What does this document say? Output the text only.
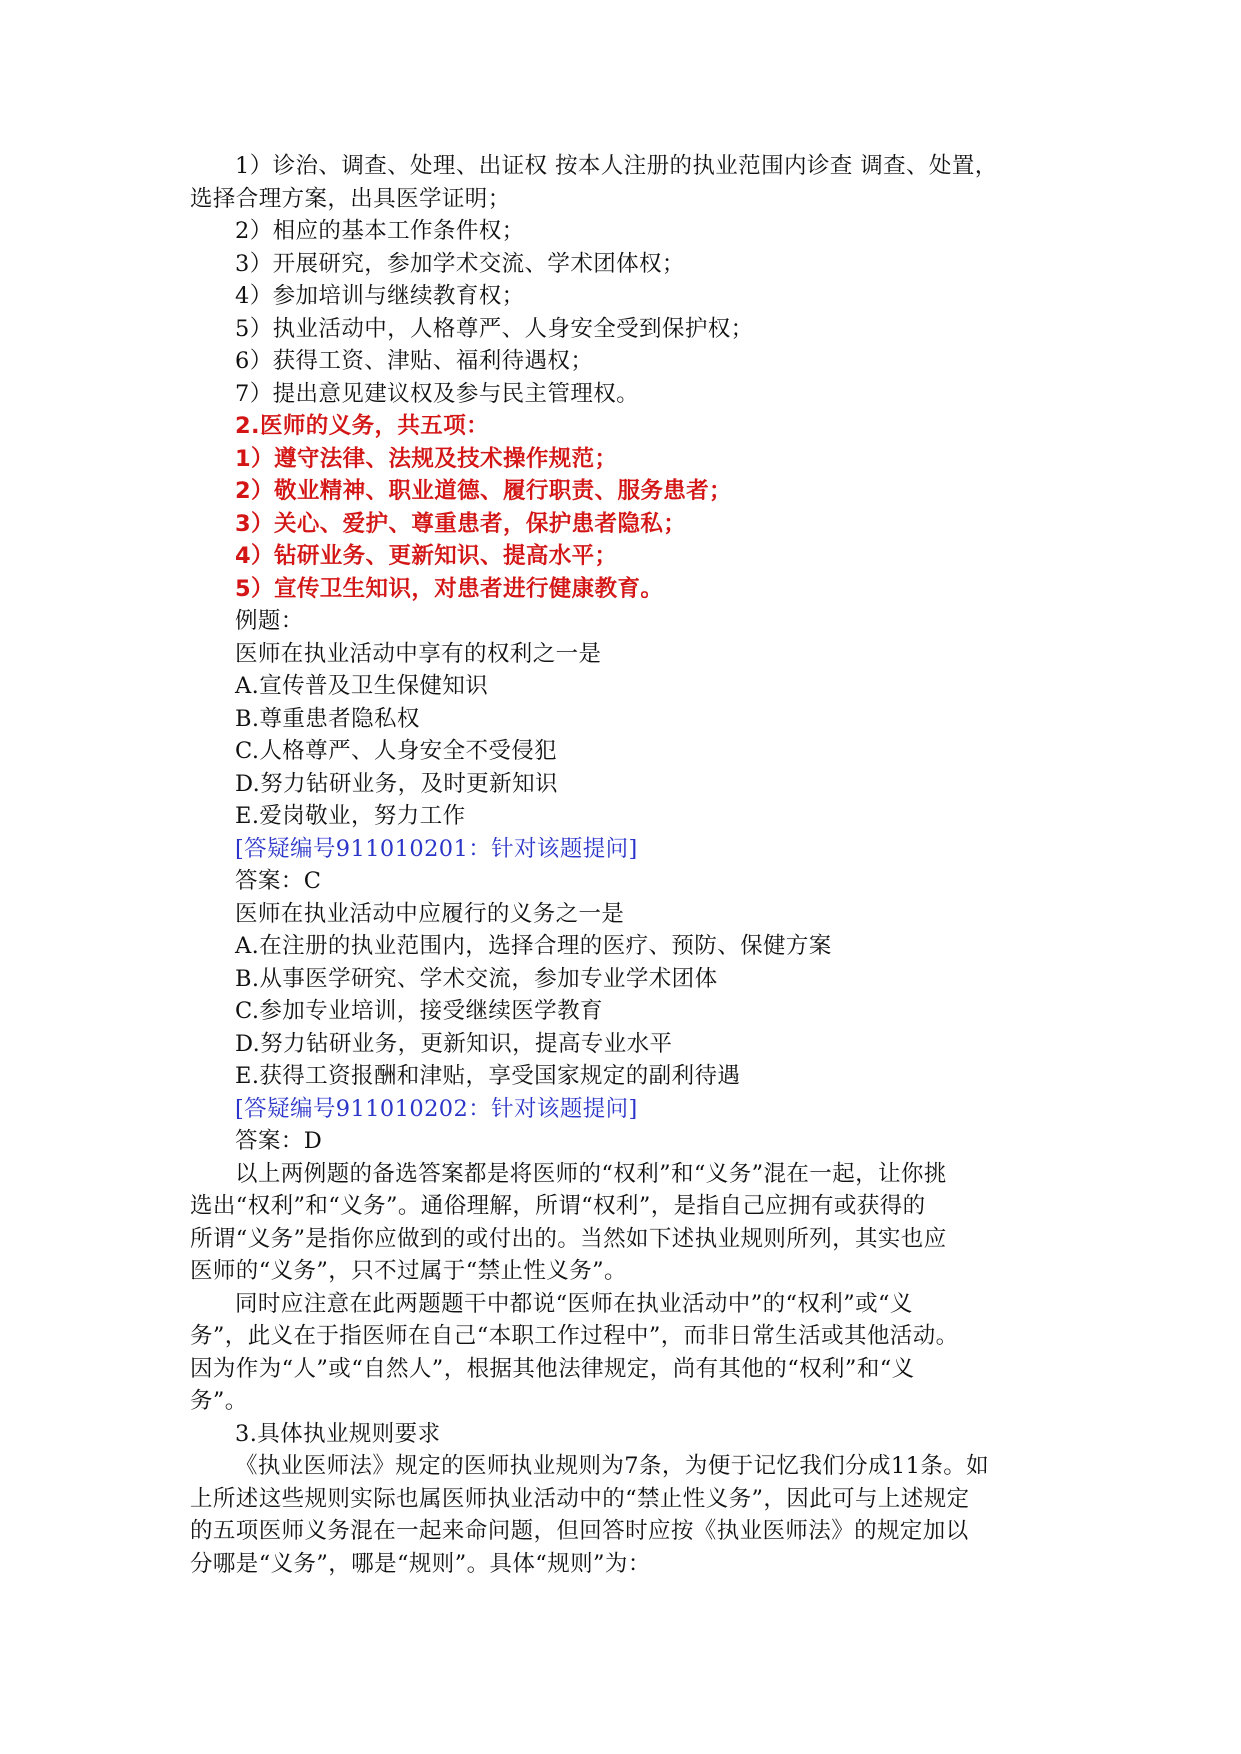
1）诊治、调查、处理、出证权 按本人注册的执业范围内诊查 调查、处置，
选择合理方案，出具医学证明；
2）相应的基本工作条件权；
3）开展研究，参加学术交流、学术团体权；
4）参加培训与继续教育权；
5）执业活动中，人格尊严、人身安全受到保护权；
6）获得工资、津贴、福利待遇权；
7）提出意见建议权及参与民主管理权。
2.医师的义务，共五项：
1）遵守法律、法规及技术操作规范；
2）敬业精神、职业道德、履行职责、服务患者；
3）关心、爱护、尊重患者，保护患者隐私；
4）钻研业务、更新知识、提高水平；
5）宣传卫生知识，对患者进行健康教育。
例题：
医师在执业活动中享有的权利之一是
A.宣传普及卫生保健知识
B.尊重患者隐私权
C.人格尊严、人身安全不受侵犯
D.努力钻研业务，及时更新知识
E.爱岗敬业，努力工作
[答疑编号911010201：针对该题提问]
答案：C
医师在执业活动中应履行的义务之一是
A.在注册的执业范围内，选择合理的医疗、预防、保健方案
B.从事医学研究、学术交流，参加专业学术团体
C.参加专业培训，接受继续医学教育
D.努力钻研业务，更新知识，提高专业水平
E.获得工资报酬和津贴，享受国家规定的副利待遇
[答疑编号911010202：针对该题提问]
答案：D
以上两例题的备选答案都是将医师的“权利”和“义务”混在一起，让你挑
选出“权利”和“义务”。通俗理解，所谓“权利”，是指自己应拥有或获得的
所谓“义务”是指你应做到的或付出的。当然如下述执业规则所列，其实也应
医师的“义务”，只不过属于“禁止性义务”。
同时应注意在此两题题干中都说“医师在执业活动中”的“权利”或“义
务”，此义在于指医师在自己“本职工作过程中”，而非日常生活或其他活动。
因为作为“人”或“自然人”，根据其他法律规定，尚有其他的“权利”和“义
务”。
3.具体执业规则要求
《执业医师法》规定的医师执业规则为7条，为便于记忆我们分成11条。如
上所述这些规则实际也属医师执业活动中的“禁止性义务”，因此可与上述规定
的五项医师义务混在一起来命问题，但回答时应按《执业医师法》的规定加以
分哪是“义务”，哪是“规则”。具体“规则”为：
